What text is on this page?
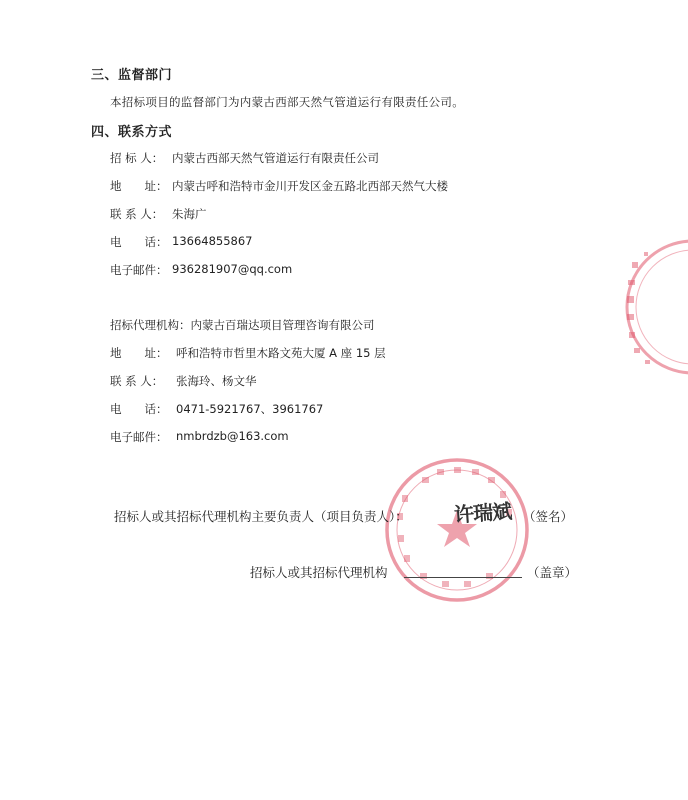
三、监督部门
本招标项目的监督部门为内蒙古西部天然气管道运行有限责任公司。
四、联系方式
招 标 人： 内蒙古西部天然气管道运行有限责任公司
地　　址： 内蒙古呼和浩特市金川开发区金五路北西部天然气大楼
联 系 人： 朱海广
电　　话： 13664855867
电子邮件： 936281907@qq.com
招标代理机构： 内蒙古百瑞达项目管理咨询有限公司
地　　址： 呼和浩特市哲里木路文苑大厦 A 座 15 层
联 系 人：	张海玲、杨文华
电　　话： 0471-5921767、3961767
电子邮件： nmbrdzb@163.com
招标人或其招标代理机构主要负责人（项目负责人）： 许瑞斌 （签名）
招标人或其招标代理机构	（盖章）
